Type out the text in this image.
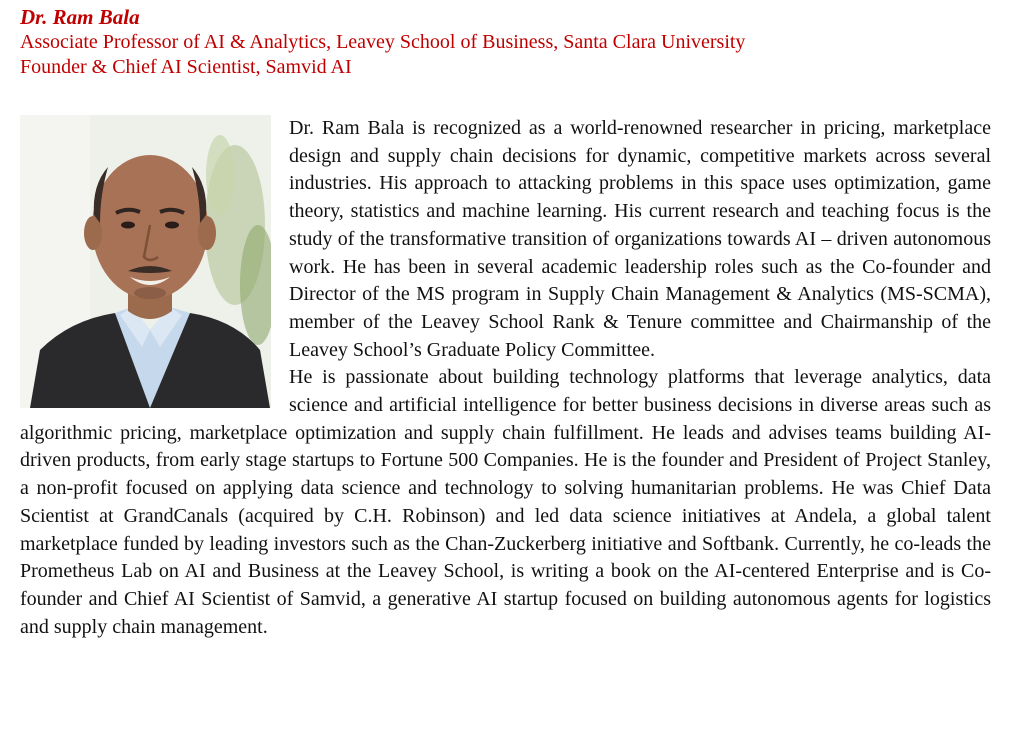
Dr. Ram Bala

Associate Professor of AI & Analytics, Leavey School of Business, Santa Clara University

Founder & Chief AI Scientist, Samvid AI

Dr. Ram Bala is recognized as a world-renowned researcher in pricing, marketplace design and supply chain decisions for dynamic, competitive markets across several industries. His approach to attacking problems in this space uses optimization, game theory, statistics and machine learning. His current research and teaching focus is the study of the transformative transition of organizations towards AI – driven autonomous work. He has been in several academic leadership roles such as the Co-founder and Director of the MS program in Supply Chain Management & Analytics (MS-SCMA), member of the Leavey School Rank & Tenure committee and Chairmanship of the Leavey School’s Graduate Policy Committee.

He is passionate about building technology platforms that leverage analytics, data science and artificial intelligence for better business decisions in diverse areas such as algorithmic pricing, marketplace optimization and supply chain fulfillment. He leads and advises teams building AI-driven products, from early stage startups to Fortune 500 Companies. He is the founder and President of Project Stanley, a non-profit focused on applying data science and technology to solving humanitarian problems. He was Chief Data Scientist at GrandCanals (acquired by C.H. Robinson) and led data science initiatives at Andela, a global talent marketplace funded by leading investors such as the Chan-Zuckerberg initiative and Softbank. Currently, he co-leads the Prometheus Lab on AI and Business at the Leavey School, is writing a book on the AI-centered Enterprise and is Co-founder and Chief AI Scientist of Samvid, a generative AI startup focused on building autonomous agents for logistics and supply chain management.
